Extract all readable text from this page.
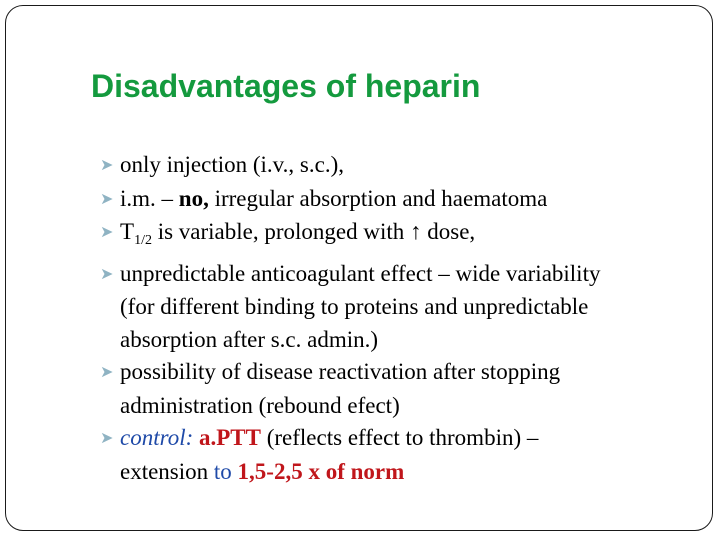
Disadvantages of heparin
➤ only injection (i.v., s.c.),
➤ i.m. – no, irregular absorption and haematoma
➤ $T_{1/2}$ is variable, prolonged with ↑ dose,
➤ unpredictable anticoagulant effect – wide variability
(for different binding to proteins and unpredictable
absorption after s.c. admin.)
➤ possibility of disease reactivation after stopping
administration (rebound efect)
➤ control: a.PTT (reflects effect to thrombin) –
extension to 1,5-2,5 x of norm
